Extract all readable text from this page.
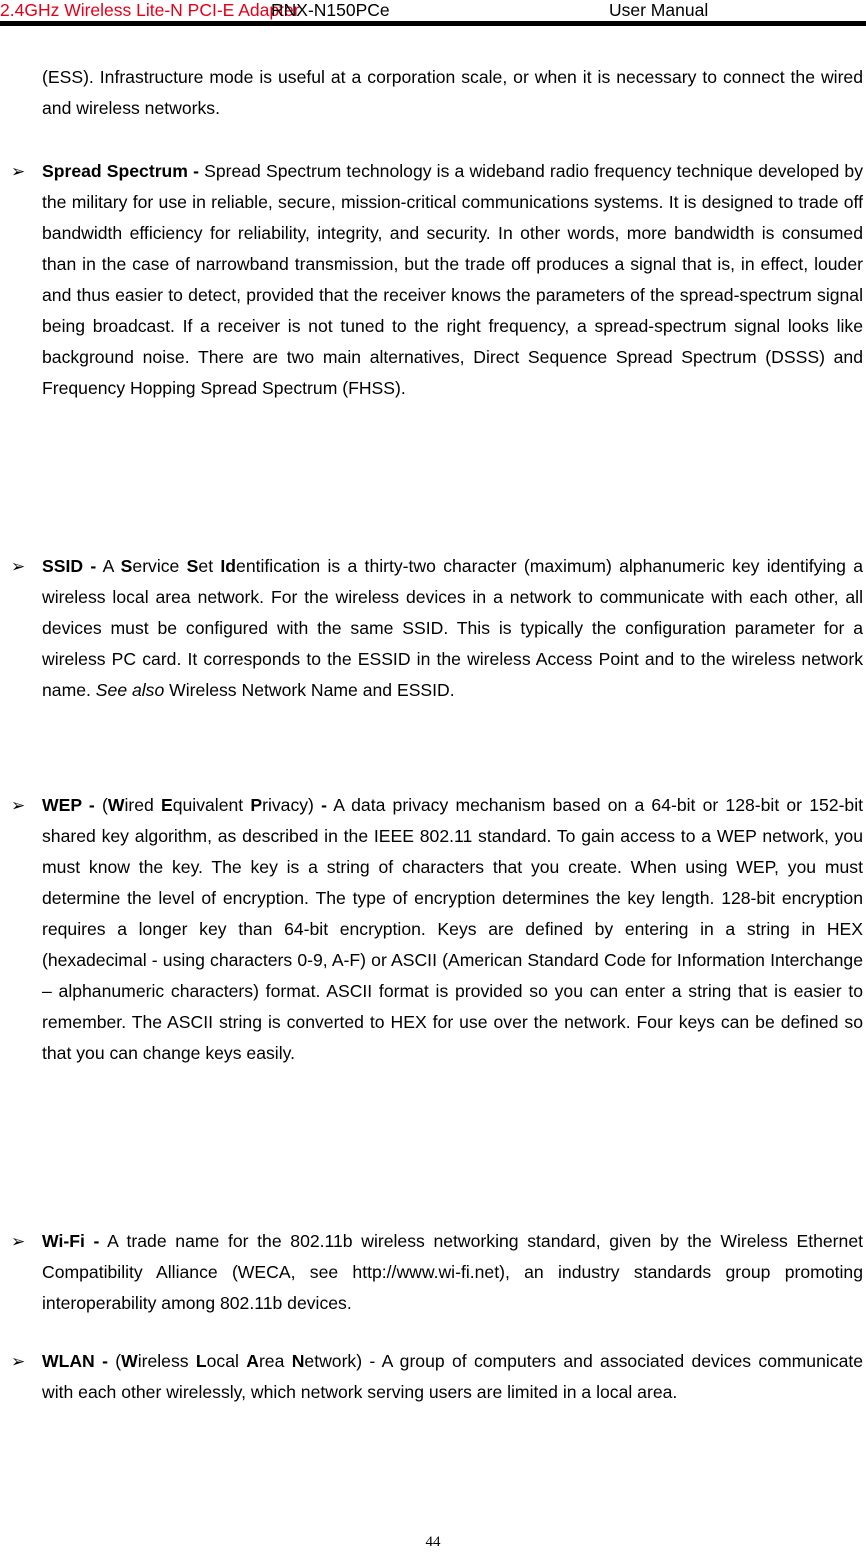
2.4GHz Wireless Lite-N PCI-E Adapter
RNX-N150PCe	User Manual
(ESS). Infrastructure mode is useful at a corporation scale, or when it is necessary to connect the wired and wireless networks.
➢ Spread Spectrum - Spread Spectrum technology is a wideband radio frequency technique developed by the military for use in reliable, secure, mission-critical communications systems. It is designed to trade off bandwidth efficiency for reliability, integrity, and security. In other words, more bandwidth is consumed than in the case of narrowband transmission, but the trade off produces a signal that is, in effect, louder and thus easier to detect, provided that the receiver knows the parameters of the spread-spectrum signal being broadcast. If a receiver is not tuned to the right frequency, a spread-spectrum signal looks like background noise. There are two main alternatives, Direct Sequence Spread Spectrum (DSSS) and Frequency Hopping Spread Spectrum (FHSS).
➢ SSID - A Service Set Identification is a thirty-two character (maximum) alphanumeric key identifying a wireless local area network. For the wireless devices in a network to communicate with each other, all devices must be configured with the same SSID. This is typically the configuration parameter for a wireless PC card. It corresponds to the ESSID in the wireless Access Point and to the wireless network name. See also Wireless Network Name and ESSID.
➢ WEP - (Wired Equivalent Privacy) - A data privacy mechanism based on a 64-bit or 128-bit or 152-bit shared key algorithm, as described in the IEEE 802.11 standard. To gain access to a WEP network, you must know the key. The key is a string of characters that you create. When using WEP, you must determine the level of encryption. The type of encryption determines the key length. 128-bit encryption requires a longer key than 64-bit encryption. Keys are defined by entering in a string in HEX (hexadecimal - using characters 0-9, A-F) or ASCII (American Standard Code for Information Interchange – alphanumeric characters) format. ASCII format is provided so you can enter a string that is easier to remember. The ASCII string is converted to HEX for use over the network. Four keys can be defined so that you can change keys easily.
➢ Wi-Fi - A trade name for the 802.11b wireless networking standard, given by the Wireless Ethernet Compatibility Alliance (WECA, see http://www.wi-fi.net), an industry standards group promoting interoperability among 802.11b devices.
➢ WLAN - (Wireless Local Area Network) - A group of computers and associated devices communicate with each other wirelessly, which network serving users are limited in a local area.
44
